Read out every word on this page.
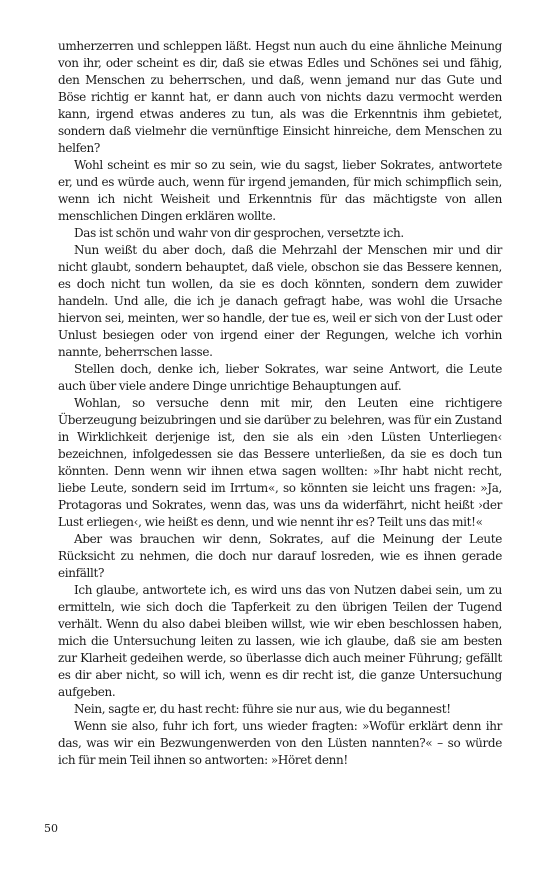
umherzerren und schleppen läßt. Hegst nun auch du eine ähnliche Meinung von ihr, oder scheint es dir, daß sie etwas Edles und Schönes sei und fähig, den Menschen zu beherrschen, und daß, wenn jemand nur das Gute und Böse richtig er kannt hat, er dann auch von nichts dazu vermocht werden kann, irgend etwas anderes zu tun, als was die Erkenntnis ihm gebietet, sondern daß vielmehr die vernünftige Einsicht hinreiche, dem Menschen zu helfen?

Wohl scheint es mir so zu sein, wie du sagst, lieber Sokrates, antwortete er, und es würde auch, wenn für irgend jemanden, für mich schimpflich sein, wenn ich nicht Weisheit und Erkenntnis für das mächtigste von allen menschlichen Dingen erklären wollte.

Das ist schön und wahr von dir gesprochen, versetzte ich.

Nun weißt du aber doch, daß die Mehrzahl der Menschen mir und dir nicht glaubt, sondern behauptet, daß viele, obschon sie das Bessere kennen, es doch nicht tun wollen, da sie es doch könnten, sondern dem zuwider handeln. Und alle, die ich je danach gefragt habe, was wohl die Ursache hiervon sei, meinten, wer so handle, der tue es, weil er sich von der Lust oder Unlust besiegen oder von irgend einer der Regungen, welche ich vorhin nannte, beherrschen lasse.

Stellen doch, denke ich, lieber Sokrates, war seine Antwort, die Leute auch über viele andere Dinge unrichtige Behauptungen auf.

Wohlan, so versuche denn mit mir, den Leuten eine richtigere Überzeugung beizubringen und sie darüber zu belehren, was für ein Zustand in Wirklichkeit derjenige ist, den sie als ein ›den Lüsten Unterliegen‹ bezeichnen, infolgedessen sie das Bessere unterließen, da sie es doch tun könnten. Denn wenn wir ihnen etwa sagen wollten: »Ihr habt nicht recht, liebe Leute, sondern seid im Irrtum«, so könnten sie leicht uns fragen: »Ja, Protagoras und Sokrates, wenn das, was uns da widerfährt, nicht heißt ›der Lust erliegen‹, wie heißt es denn, und wie nennt ihr es? Teilt uns das mit!«

Aber was brauchen wir denn, Sokrates, auf die Meinung der Leute Rücksicht zu nehmen, die doch nur darauf losreden, wie es ihnen gerade einfällt?

Ich glaube, antwortete ich, es wird uns das von Nutzen dabei sein, um zu ermitteln, wie sich doch die Tapferkeit zu den übrigen Teilen der Tugend verhält. Wenn du also dabei bleiben willst, wie wir eben beschlossen haben, mich die Untersuchung leiten zu lassen, wie ich glaube, daß sie am besten zur Klarheit gedeihen werde, so überlasse dich auch meiner Führung; gefällt es dir aber nicht, so will ich, wenn es dir recht ist, die ganze Untersuchung aufgeben.

Nein, sagte er, du hast recht: führe sie nur aus, wie du begannest!

Wenn sie also, fuhr ich fort, uns wieder fragten: »Wofür erklärt denn ihr das, was wir ein Bezwungenwerden von den Lüsten nannten?« – so würde ich für mein Teil ihnen so antworten: »Höret denn!

50
